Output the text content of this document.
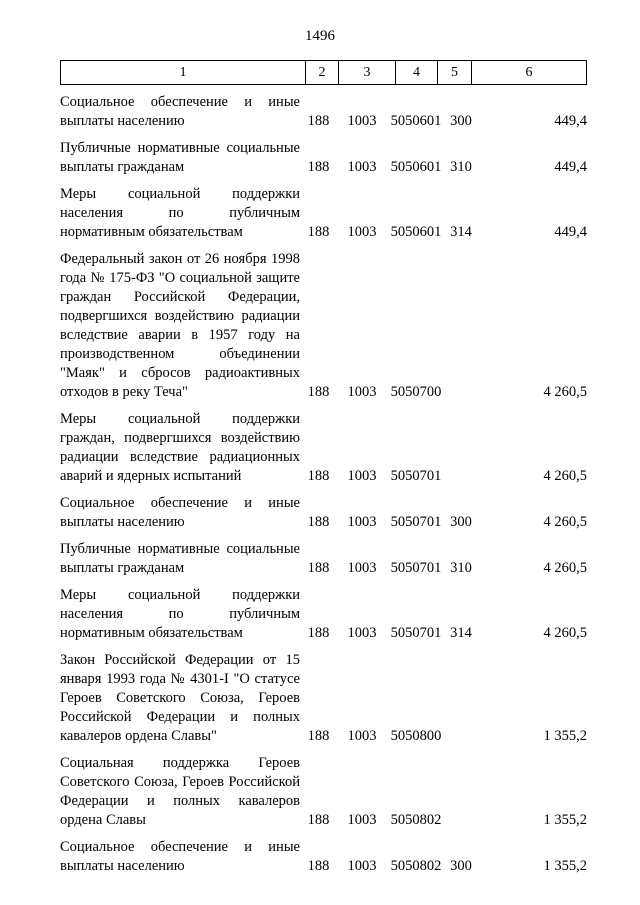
1496
1	2	3	4	5	6
Социальное обеспечение и иные выплаты населению	188	1003 5050601 300	449,4
Публичные нормативные социальные выплаты гражданам	188	1003 5050601 310	449,4
Меры социальной поддержки населения по публичным нормативным обязательствам	188	1003 5050601 314	449,4
Федеральный закон от 26 ноября 1998 года № 175-ФЗ "О социальной защите граждан Российской Федерации, подвергшихся воздействию радиации вследствие аварии в 1957 году на производственном объединении "Маяк" и сбросов радиоактивных отходов в реку Теча"	188	1003 5050700	4 260,5
Меры социальной поддержки граждан, подвергшихся воздействию радиации вследствие радиационных аварий и ядерных испытаний	188	1003 5050701	4 260,5
Социальное обеспечение и иные выплаты населению	188	1003 5050701 300	4 260,5
Публичные нормативные социальные выплаты гражданам	188	1003 5050701 310	4 260,5
Меры социальной поддержки населения по публичным нормативным обязательствам	188	1003 5050701 314	4 260,5
Закон Российской Федерации от 15 января 1993 года № 4301-I "О статусе Героев Советского Союза, Героев Российской Федерации и полных кавалеров ордена Славы"	188	1003 5050800	1 355,2
Социальная поддержка Героев Советского Союза, Героев Российской Федерации и полных кавалеров ордена Славы	188	1003 5050802	1 355,2
Социальное обеспечение и иные выплаты населению	188	1003 5050802 300	1 355,2
